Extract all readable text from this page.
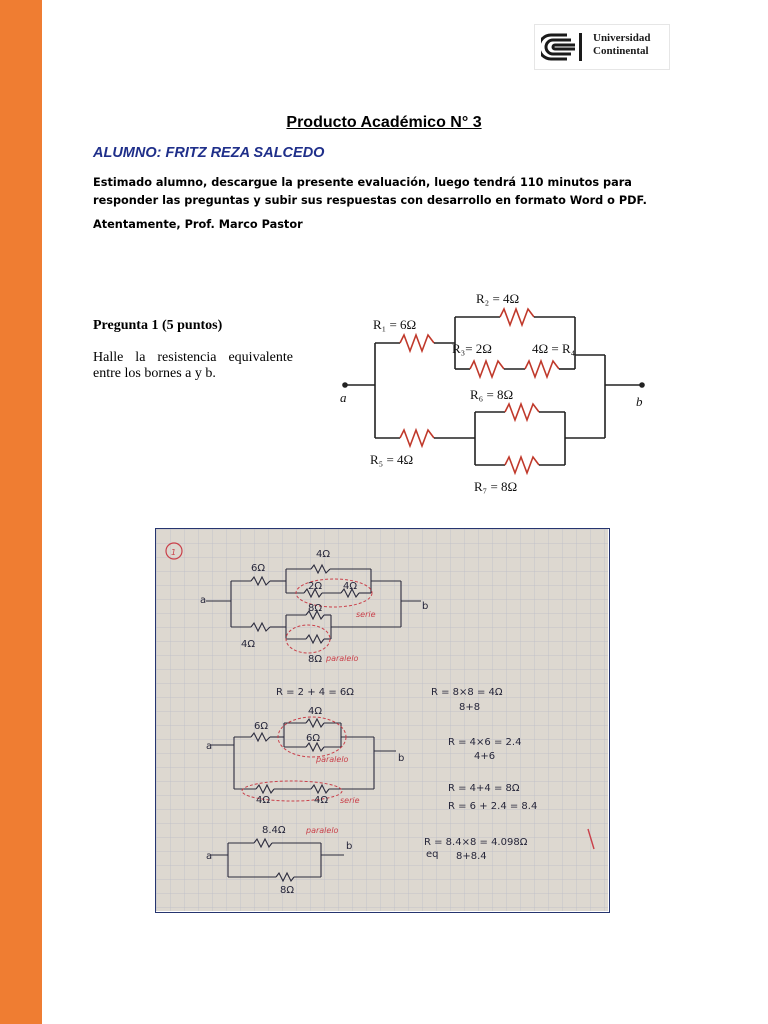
Universidad
Continental
Producto Académico N° 3
ALUMNO: FRITZ REZA SALCEDO
Estimado alumno, descargue la presente evaluación, luego tendrá 110 minutos para responder las preguntas y subir sus respuestas con desarrollo en formato Word o PDF.
Atentamente, Prof. Marco Pastor
Pregunta 1 (5 puntos)
Halle la resistencia equivalente entre los bornes a y b.
R₁ = 6Ω
R₂ = 4Ω
R₃= 2Ω	4Ω = R₄
R₅ = 4Ω
R₆ = 8Ω
R₇ = 8Ω
a	b
1
a
b
6Ω
4Ω
2Ω 4Ω
8Ω
4Ω
8Ω
serie
paralelo
a
b
6Ω
4Ω
6Ω
4Ω	4Ω
paralelo
serie
a
b
8.4Ω
8Ω
paralelo
R = 2 + 4 = 6Ω	R = 8×8 = 4Ω
8+8
R = 4×6 = 2.4
4+6
R = 4+4 = 8Ω
R = 6 + 2.4 = 8.4
R = 8.4×8 = 4.098Ω
eq 8+8.4
